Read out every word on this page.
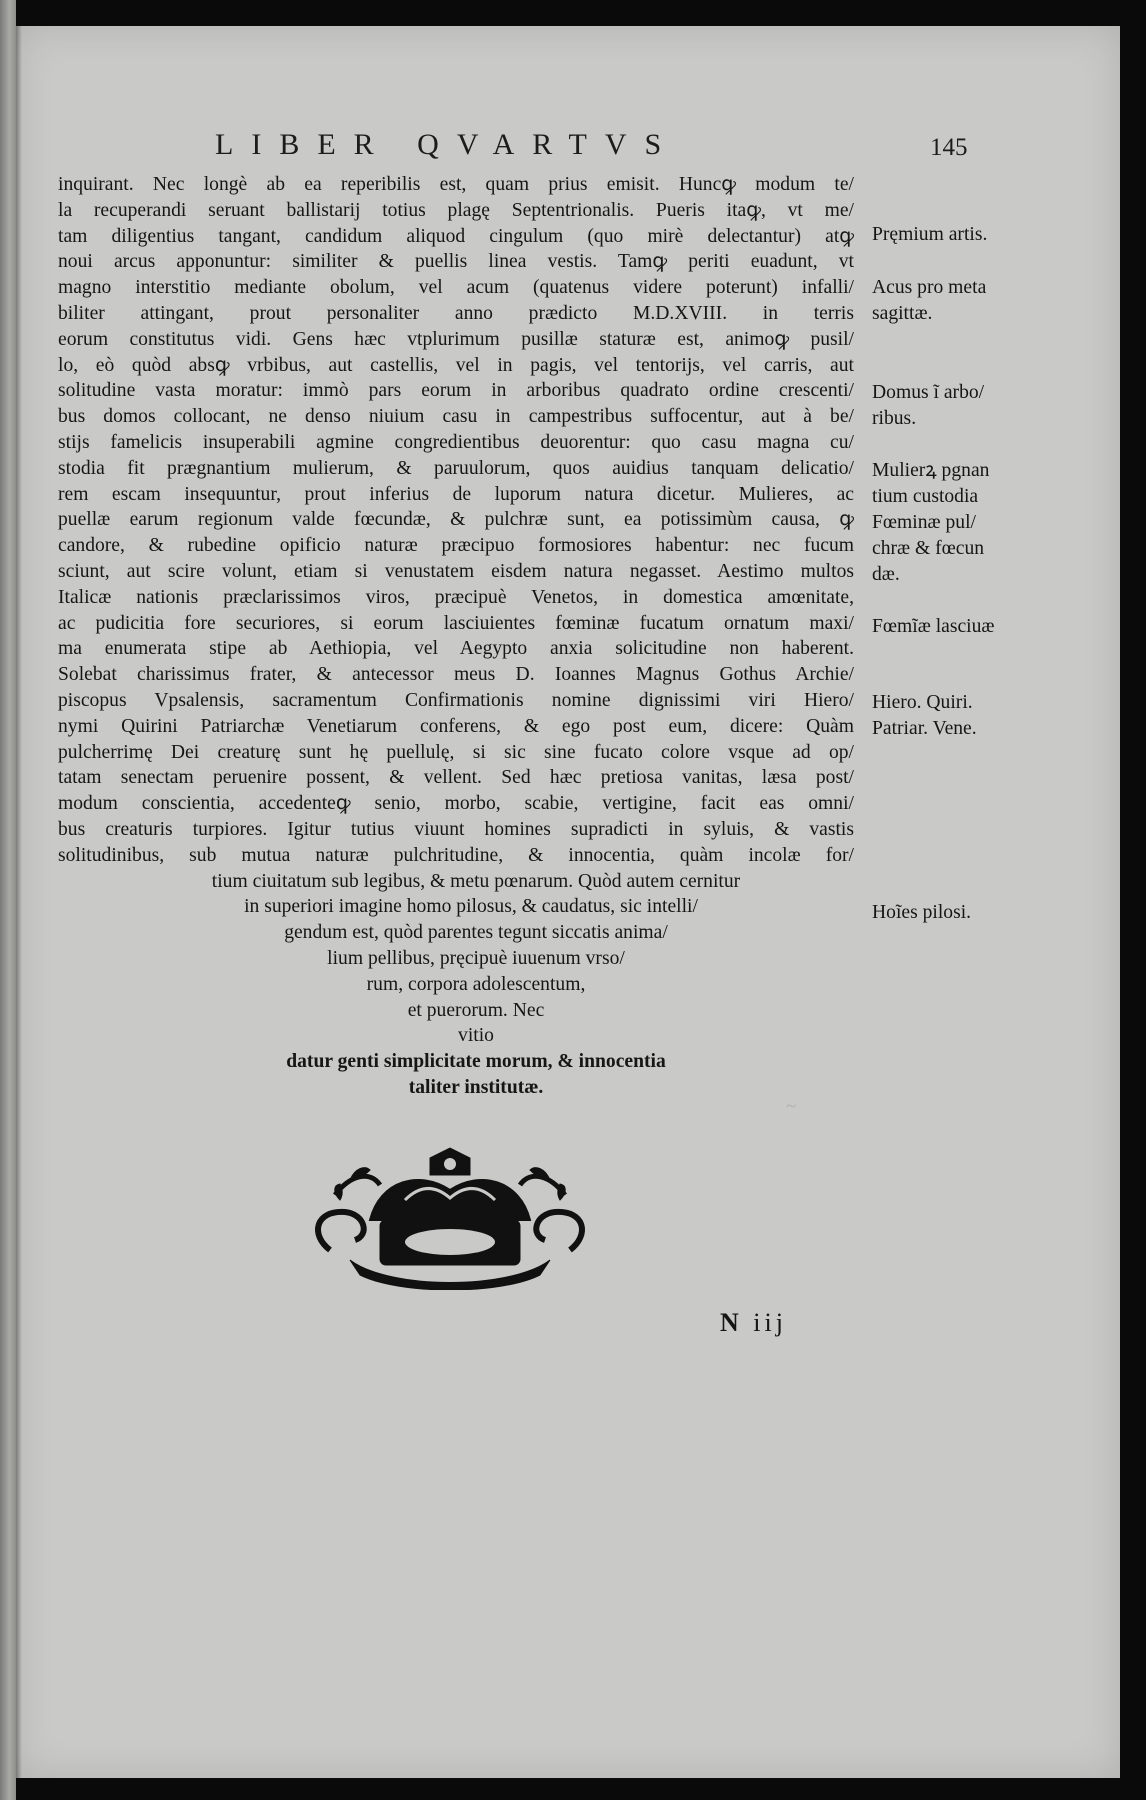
~
LIBER QVARTVS	145
inquirant. Nec longè ab ea reperibilis est, quam prius emisit. Huncꝙ modum te/
la recuperandi seruant ballistarij totius plagę Septentrionalis. Pueris itaꝙ, vt me/
tam diligentius tangant, candidum aliquod cingulum (quo mirè delectantur) atꝙ
noui arcus apponuntur: similiter & puellis linea vestis. Tamꝙ periti euadunt, vt
magno interstitio mediante obolum, vel acum (quatenus videre poterunt) infalli/
biliter attingant, prout personaliter anno prædicto M.D.XVIII. in terris
eorum constitutus vidi. Gens hæc vtplurimum pusillæ staturæ est, animoꝙ pusil/
lo, eò quòd absꝙ vrbibus, aut castellis, vel in pagis, vel tentorijs, vel carris, aut
solitudine vasta moratur: immò pars eorum in arboribus quadrato ordine crescenti/
bus domos collocant, ne denso niuium casu in campestribus suffocentur, aut à be/
stijs famelicis insuperabili agmine congredientibus deuorentur: quo casu magna cu/
stodia fit prægnantium mulierum, & paruulorum, quos auidius tanquam delicatio/
rem escam insequuntur, prout inferius de luporum natura dicetur. Mulieres, ac
puellæ earum regionum valde fœcundæ, & pulchræ sunt, ea potissimùm causa, ꝙ
candore, & rubedine opificio naturæ præcipuo formosiores habentur: nec fucum
sciunt, aut scire volunt, etiam si venustatem eisdem natura negasset. Aestimo multos
Italicæ nationis præclarissimos viros, præcipuè Venetos, in domestica amœnitate,
ac pudicitia fore securiores, si eorum lasciuientes fœminæ fucatum ornatum maxi/
ma enumerata stipe ab Aethiopia, vel Aegypto anxia solicitudine non haberent.
Solebat charissimus frater, & antecessor meus D. Ioannes Magnus Gothus Archie/
piscopus Vpsalensis, sacramentum Confirmationis nomine dignissimi viri Hiero/
nymi Quirini Patriarchæ Venetiarum conferens, & ego post eum, dicere: Quàm
pulcherrimę Dei creaturę sunt hę puellulę, si sic sine fucato colore vsque ad op/
tatam senectam peruenire possent, & vellent. Sed hæc pretiosa vanitas, læsa post/
modum conscientia, accedenteꝙ senio, morbo, scabie, vertigine, facit eas omni/
bus creaturis turpiores. Igitur tutius viuunt homines supradicti in syluis, & vastis
solitudinibus, sub mutua naturæ pulchritudine, & innocentia, quàm incolæ for/
tium ciuitatum sub legibus, & metu pœnarum. Quòd autem cernitur
in superiori imagine homo pilosus, & caudatus, sic intelli/
gendum est, quòd parentes tegunt siccatis anima/
lium pellibus, pręcipuè iuuenum vrso/
rum, corpora adolescentum,
et puerorum. Nec
vitio
datur genti simplicitate morum, & innocentia
taliter institutæ.
Pręmium artis.
Acus pro meta
sagittæ.
Domus ĩ arbo/
ribus.
Mulierꝝ pgnan
tium custodia
Fœminæ pul/
chræ & fœcun
dæ.
Fœmĩæ lasciuæ
Hiero. Quiri.
Patriar. Vene.
Hoĩes pilosi.
N iij
